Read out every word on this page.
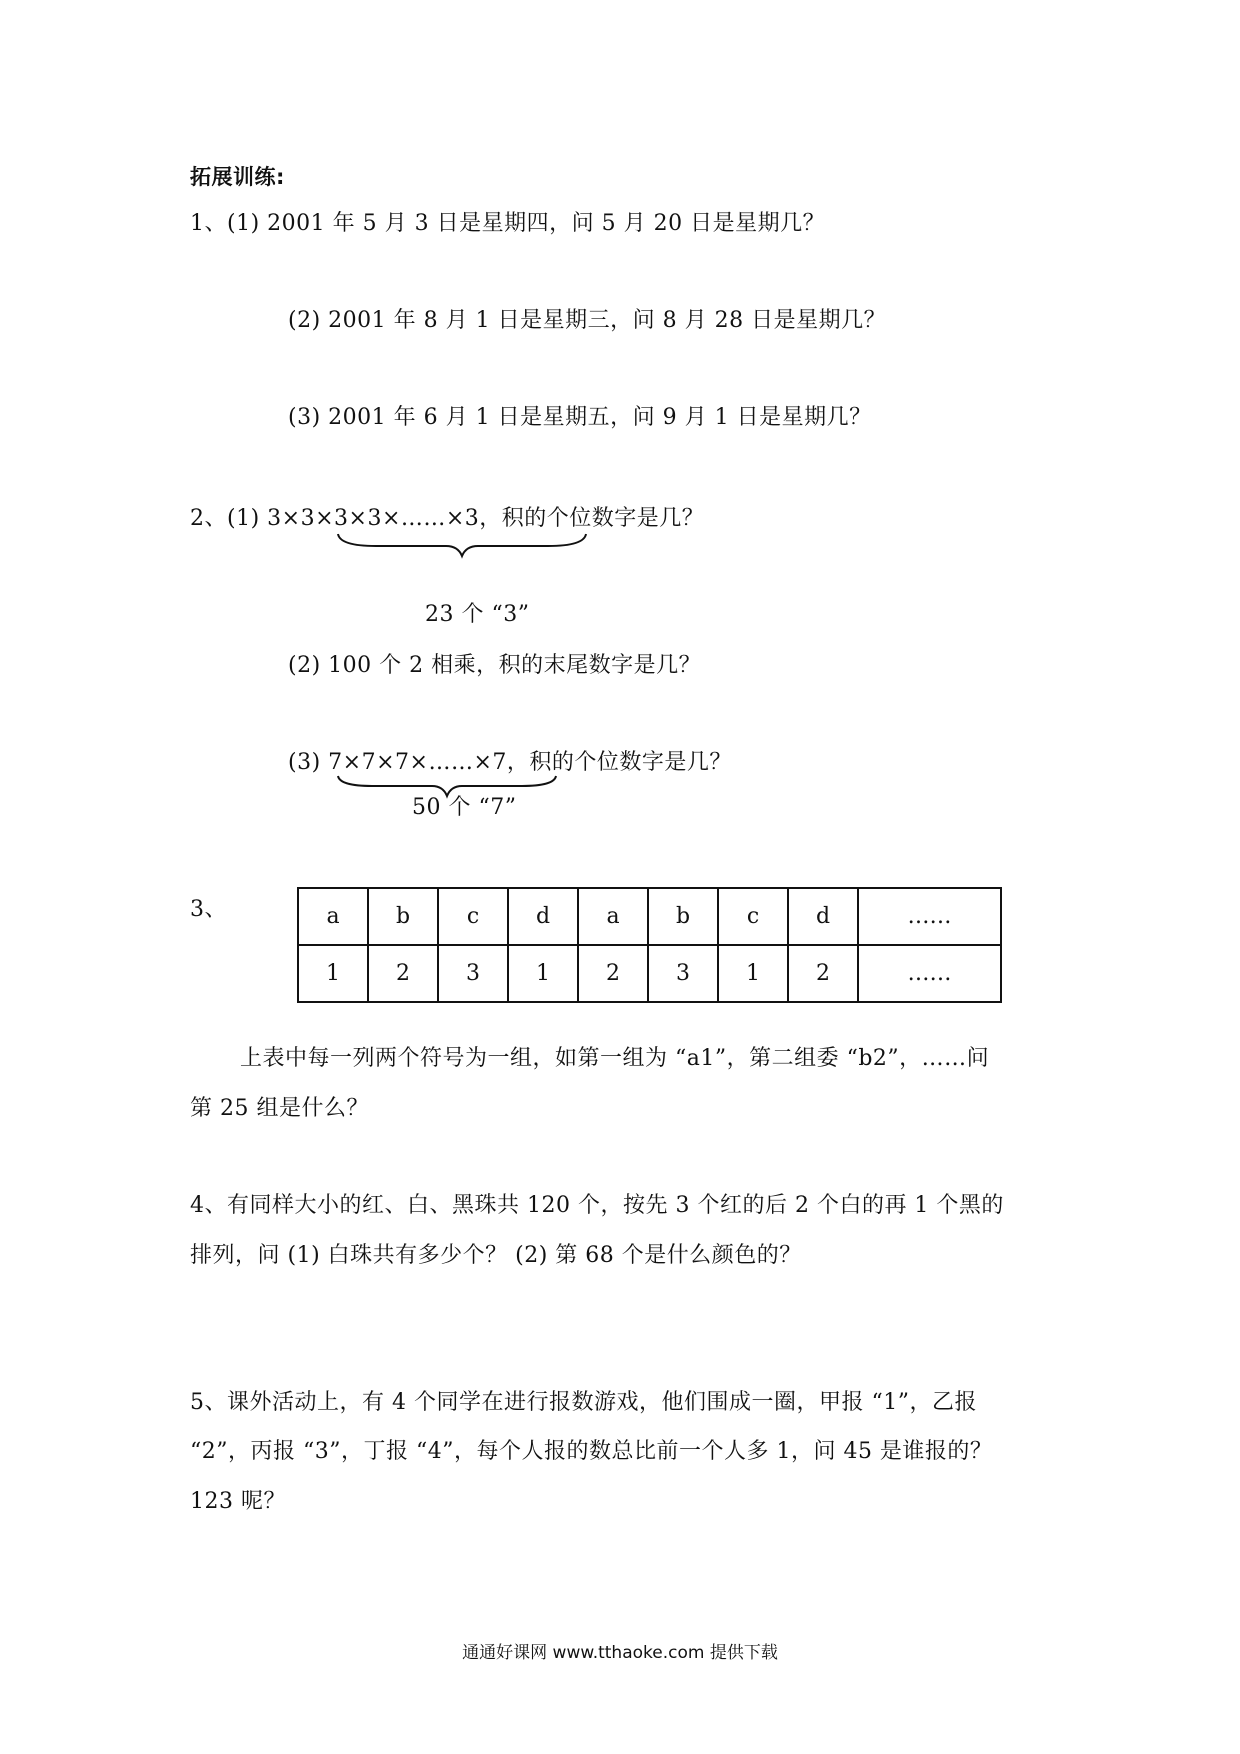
拓展训练:
1、(1) 2001 年 5 月 3 日是星期四，问 5 月 20 日是星期几？
(2) 2001 年 8 月 1 日是星期三，问 8 月 28 日是星期几？
(3) 2001 年 6 月 1 日是星期五，问 9 月 1 日是星期几？
2、(1) 3×3×3×3×……×3，积的个位数字是几？
23 个 “3”
(2) 100 个 2 相乘，积的末尾数字是几？
(3) 7×7×7×……×7，积的个位数字是几？
50 个 “7”
3、	a	b	c	d	a	b	c	d	……
1	2	3	1	2	3	1	2	……
上表中每一列两个符号为一组，如第一组为 “a1”，第二组委 “b2”，……问
第 25 组是什么？
4、有同样大小的红、白、黑珠共 120 个，按先 3 个红的后 2 个白的再 1 个黑的
排列，问 (1) 白珠共有多少个？ (2) 第 68 个是什么颜色的？
5、课外活动上，有 4 个同学在进行报数游戏，他们围成一圈，甲报 “1”，乙报
“2”，丙报 “3”，丁报 “4”，每个人报的数总比前一个人多 1，问 45 是谁报的？
123 呢？
通通好课网 www.tthaoke.com 提供下载
